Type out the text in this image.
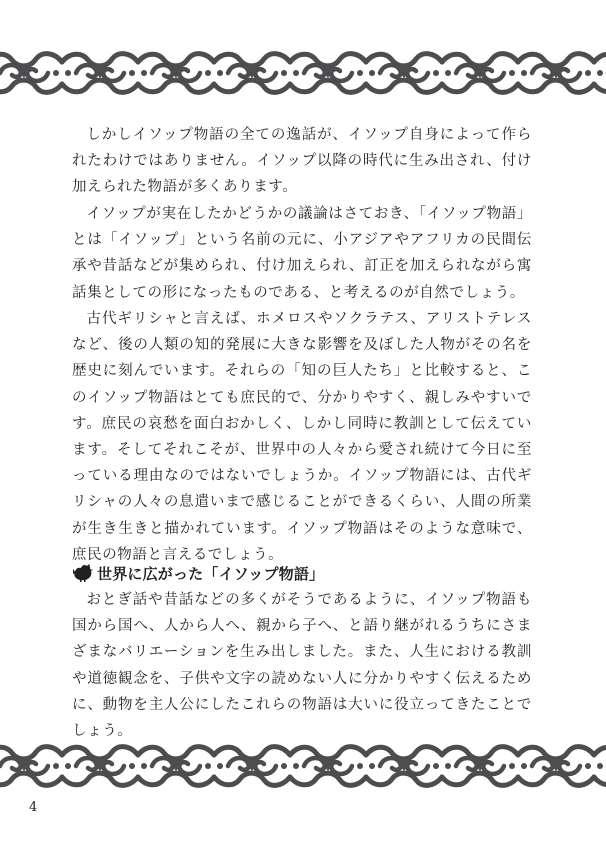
しかしイソップ物語の全ての逸話が、イソップ自身によって作られたわけではありません。イソップ以降の時代に生み出され、付け加えられた物語が多くあります。

イソップが実在したかどうかの議論はさておき、「イソップ物語」とは「イソップ」という名前の元に、小アジアやアフリカの民間伝承や昔話などが集められ、付け加えられ、訂正を加えられながら寓話集としての形になったものである、と考えるのが自然でしょう。

古代ギリシャと言えば、ホメロスやソクラテス、アリストテレスなど、後の人類の知的発展に大きな影響を及ぼした人物がその名を歴史に刻んでいます。それらの「知の巨人たち」と比較すると、このイソップ物語はとても庶民的で、分かりやすく、親しみやすいです。庶民の哀愁を面白おかしく、しかし同時に教訓として伝えています。そしてそれこそが、世界中の人々から愛され続けて今日に至っている理由なのではないでしょうか。イソップ物語には、古代ギリシャの人々の息遣いまで感じることができるくらい、人間の所業が生き生きと描かれています。イソップ物語はそのような意味で、庶民の物語と言えるでしょう。

世界に広がった「イソップ物語」

おとぎ話や昔話などの多くがそうであるように、イソップ物語も国から国へ、人から人へ、親から子へ、と語り継がれるうちにさまざまなバリエーションを生み出しました。また、人生における教訓や道徳観念を、子供や文字の読めない人に分かりやすく伝えるために、動物を主人公にしたこれらの物語は大いに役立ってきたことでしょう。

4
